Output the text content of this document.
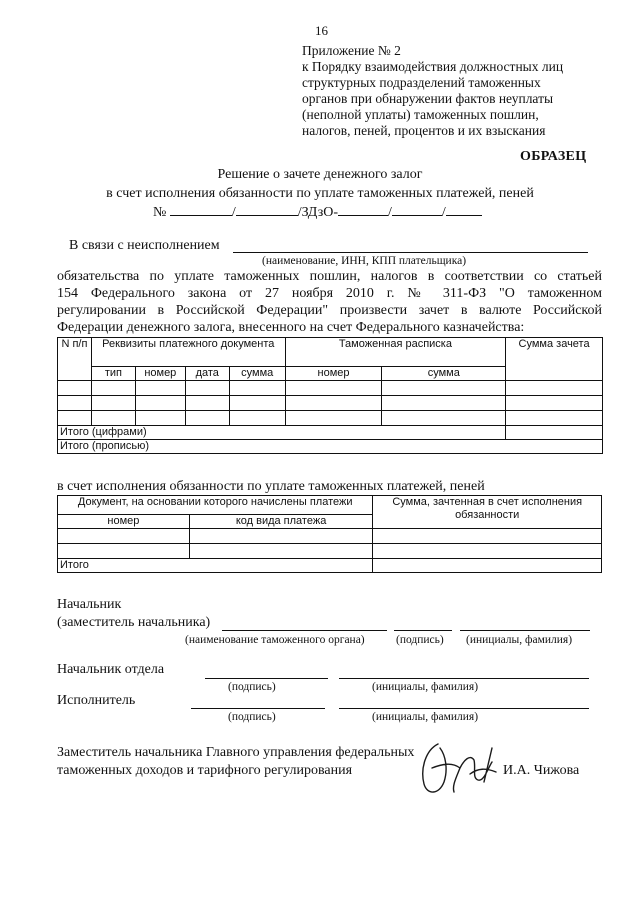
16
Приложение № 2
к Порядку взаимодействия должностных лиц
структурных подразделений таможенных
органов при обнаружении фактов неуплаты
(неполной уплаты) таможенных пошлин,
налогов, пеней, процентов и их взыскания
ОБРАЗЕЦ
Решение о зачете денежного залог
в счет исполнения обязанности по уплате таможенных платежей, пеней
№	/	/ЗДзО-	/	/
В связи с неисполнением
(наименование, ИНН, КПП плательщика)
обязательства по уплате таможенных пошлин, налогов в соответствии со статьей
154 Федерального закона от 27 ноября 2010 г. № 311-ФЗ "О таможенном
регулировании в Российской Федерации" произвести зачет в валюте Российской
Федерации денежного залога, внесенного на счет Федерального казначейства:
N п/п	Реквизиты платежного документа				Таможенная расписка		Сумма зачета
	тип	номер	дата	сумма	номер	сумма	

Итого (цифрами)							
Итого (прописью)							
в счет исполнения обязанности по уплате таможенных платежей, пеней
Документ, на основании которого начислены платежи		Сумма, зачтенная в счет исполнения обязанности
номер	код вида платежа	

Итого		
Начальник
(заместитель начальника)
(наименование таможенного органа)	(подпись) (инициалы, фамилия)
Начальник отдела
(подпись)	(инициалы, фамилия)
Исполнитель
(подпись)	(инициалы, фамилия)
Заместитель начальника Главного управления федеральных
таможенных доходов и тарифного регулирования	И.А. Чижова
